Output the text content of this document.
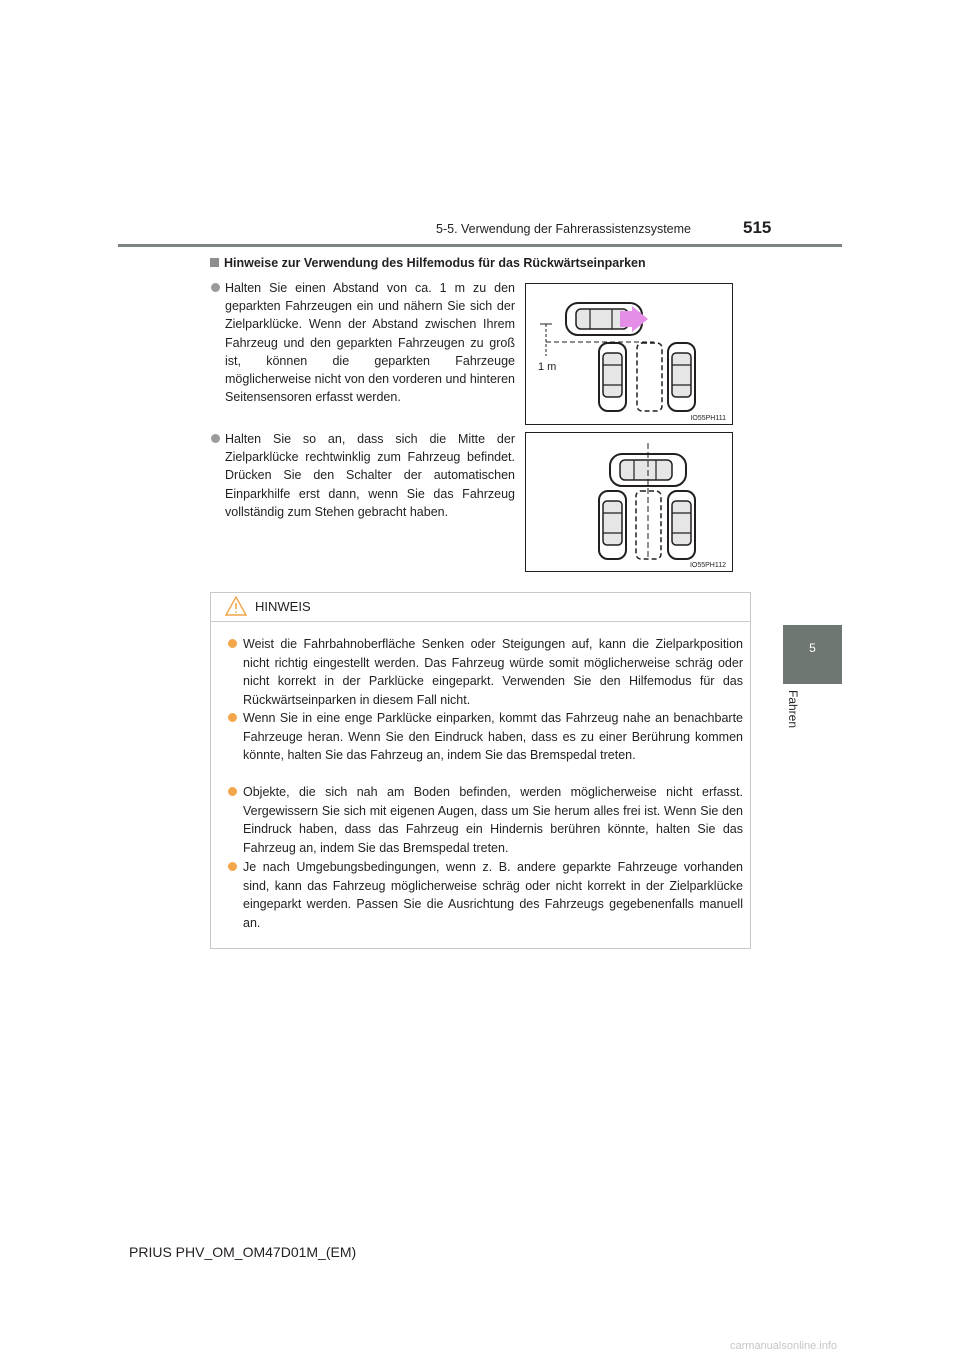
5-5. Verwendung der Fahrerassistenzsysteme	515
5
Fahren
Hinweise zur Verwendung des Hilfemodus für das Rückwärtseinparken
Halten Sie einen Abstand von ca. 1 m zu den geparkten Fahrzeugen ein und nähern Sie sich der Zielparklücke. Wenn der Abstand zwischen Ihrem Fahrzeug und den geparkten Fahrzeugen zu groß ist, können die geparkten Fahrzeuge möglicherweise nicht von den vorderen und hinteren Seitensensoren erfasst werden.
Halten Sie so an, dass sich die Mitte der Zielparklücke rechtwinklig zum Fahrzeug befindet. Drücken Sie den Schalter der automatischen Einparkhilfe erst dann, wenn Sie das Fahrzeug vollständig zum Stehen gebracht haben.
1 m
IO55PH111
IO55PH112
HINWEIS
Weist die Fahrbahnoberfläche Senken oder Steigungen auf, kann die Zielparkposition nicht richtig eingestellt werden. Das Fahrzeug würde somit möglicherweise schräg oder nicht korrekt in der Parklücke eingeparkt. Verwenden Sie den Hilfemodus für das Rückwärtseinparken in diesem Fall nicht.
Wenn Sie in eine enge Parklücke einparken, kommt das Fahrzeug nahe an benachbarte Fahrzeuge heran. Wenn Sie den Eindruck haben, dass es zu einer Berührung kommen könnte, halten Sie das Fahrzeug an, indem Sie das Bremspedal treten.
Objekte, die sich nah am Boden befinden, werden möglicherweise nicht erfasst. Vergewissern Sie sich mit eigenen Augen, dass um Sie herum alles frei ist. Wenn Sie den Eindruck haben, dass das Fahrzeug ein Hindernis berühren könnte, halten Sie das Fahrzeug an, indem Sie das Bremspedal treten.
Je nach Umgebungsbedingungen, wenn z. B. andere geparkte Fahrzeuge vorhanden sind, kann das Fahrzeug möglicherweise schräg oder nicht korrekt in der Zielparklücke eingeparkt werden. Passen Sie die Ausrichtung des Fahrzeugs gegebenenfalls manuell an.
PRIUS PHV_OM_OM47D01M_(EM)
carmanualsonline.info
